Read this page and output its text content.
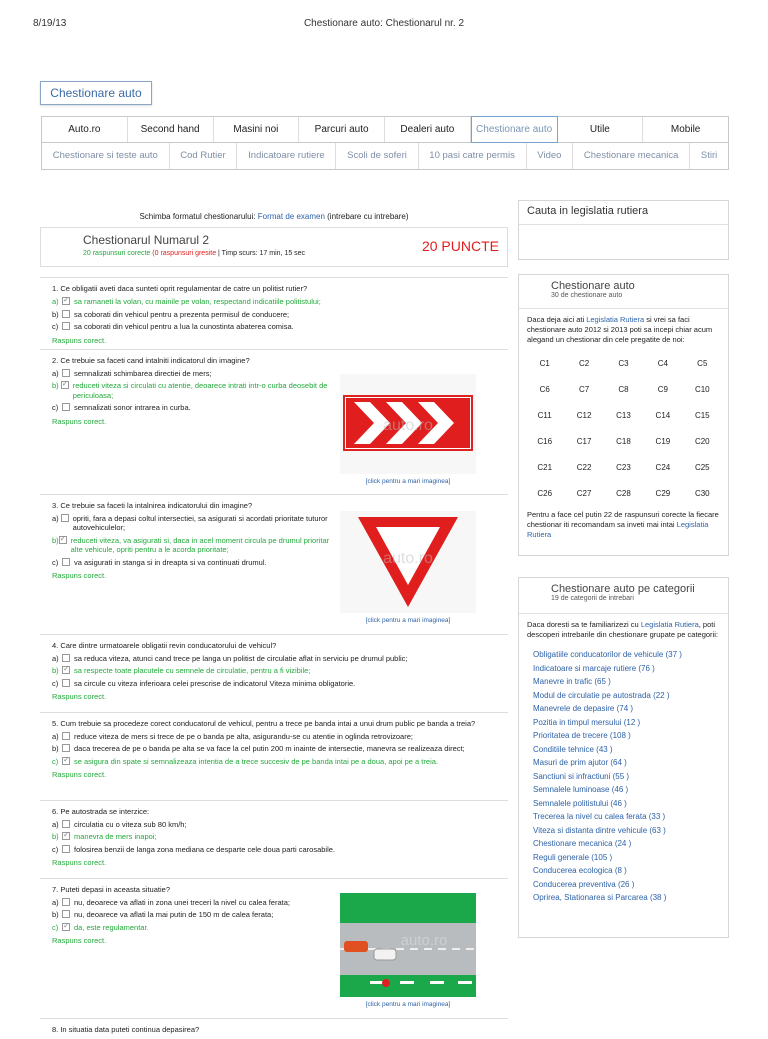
8/19/13	Chestionare auto: Chestionarul nr. 2
Chestionare auto
Auto.ro	Second hand	Masini noi	Parcuri auto	Dealeri auto	Chestionare auto	Utile	Mobile
Chestionare si teste auto	Cod Rutier	Indicatoare rutiere	Scoli de soferi	10 pasi catre permis	Video	Chestionare mecanica	Stiri
Schimba formatul chestionarului: Format de examen (intrebare cu intrebare)
Chestionarul Numarul 2
20 raspunsuri corecte (0 raspunsuri gresite | Timp scurs: 17 min, 15 sec	20 PUNCTE
1. Ce obligatii aveti daca sunteti oprit regulamentar de catre un politist rutier?
a) ✓	sa ramaneti la volan, cu mainile pe volan, respectand indicatiile politistului;
b)	sa coborati din vehicul pentru a prezenta permisul de conducere;
c)	sa coborati din vehicul pentru a lua la cunostinta abaterea comisa.
Raspuns corect.
2. Ce trebuie sa faceti cand intalniti indicatorul din imagine?
a)	semnalizati schimbarea directiei de mers;
b) ✓ reduceti viteza si circulati cu atentie, deoarece intrati intr-o curba deosebit de periculoasa;
c)	semnalizati sonor intrarea in curba.
Raspuns corect.	auto.ro
[click pentru a mari imaginea]
3. Ce trebuie sa faceti la intalnirea indicatorului din imagine?
a) opriti, fara a depasi coltul intersectiei, sa asigurati si acordati prioritate tuturor autovehiculelor;
b) ✓ reduceti viteza, va asigurati si, daca in acel moment circula pe drumul prioritar alte vehicule, opriti pentru a le acorda prioritate;
c)	va asigurati in stanga si in dreapta si va continuati drumul.
Raspuns corect.
auto.ro
[click pentru a mari imaginea]
4. Care dintre urmatoarele obligatii revin conducatorului de vehicul?
a)	sa reduca viteza, atunci cand trece pe langa un politist de circulatie aflat in serviciu pe drumul public;
b) ✓	sa respecte toate placutele cu semnele de circulatie, pentru a fi vizibile;
c)	sa circule cu viteza inferioara celei prescrise de indicatorul Viteza minima obligatorie.
Raspuns corect.
5. Cum trebuie sa procedeze corect conducatorul de vehicul, pentru a trece pe banda intai a unui drum public pe banda a treia?
a)	reduce viteza de mers si trece de pe o banda pe alta, asigurandu-se cu atentie in oglinda retrovizoare;
b)	daca trecerea de pe o banda pe alta se va face la cel putin 200 m inainte de intersectie, manevra se realizeaza direct;
c) ✓	se asigura din spate si semnalizeaza intentia de a trece succesiv de pe banda intai pe a doua, apoi pe a treia.
Raspuns corect.
6. Pe autostrada se interzice:
a)	circulatia cu o viteza sub 80 km/h;
b) ✓	manevra de mers inapoi;
c)	folosirea benzii de langa zona mediana ce desparte cele doua parti carosabile.
Raspuns corect.
7. Puteti depasi in aceasta situatie?
a)	nu, deoarece va aflati in zona unei treceri la nivel cu calea ferata;
b)	nu, deoarece va aflati la mai putin de 150 m de calea ferata;
c) ✓	da, este regulamentar.
Raspuns corect.	auto.ro
[click pentru a mari imaginea]
8. In situatia data puteti continua depasirea?
Cauta in legislatia rutiera
Chestionare auto
30 de chestionare auto
Daca deja aici ati Legislatia Rutiera si vrei sa faci chestionare auto 2012 si 2013 poti sa incepi chiar acum alegand un chestionar din cele pregatite de noi:
C1	C2	C3	C4	C5
C6	C7	C8	C9	C10
C11	C12	C13	C14	C15
C16	C17	C18	C19	C20
C21	C22	C23	C24	C25
C26	C27	C28	C29	C30
Pentru a face cel putin 22 de raspunsuri corecte la fiecare chestionar iti recomandam sa inveti mai intai Legislatia Rutiera
Chestionare auto pe categorii
19 de categorii de intrebari
Daca doresti sa te familiarizezi cu Legislatia Rutiera, poti descoperi intrebarile din chestionare grupate pe categorii:
Obligatiile conducatorilor de vehicule (37 )
Indicatoare si marcaje rutiere (76 )
Manevre in trafic (65 )
Modul de circulatie pe autostrada (22 )
Manevrele de depasire (74 )
Pozitia in timpul mersului (12 )
Prioritatea de trecere (108 )
Conditiile tehnice (43 )
Masuri de prim ajutor (64 )
Sanctiuni si infractiuni (55 )
Semnalele luminoase (46 )
Semnalele politistului (46 )
Trecerea la nivel cu calea ferata (33 )
Viteza si distanta dintre vehicule (63 )
Chestionare mecanica (24 )
Reguli generale (105 )
Conducerea ecologica (8 )
Conducerea preventiva (26 )
Oprirea, Stationarea si Parcarea (38 )
